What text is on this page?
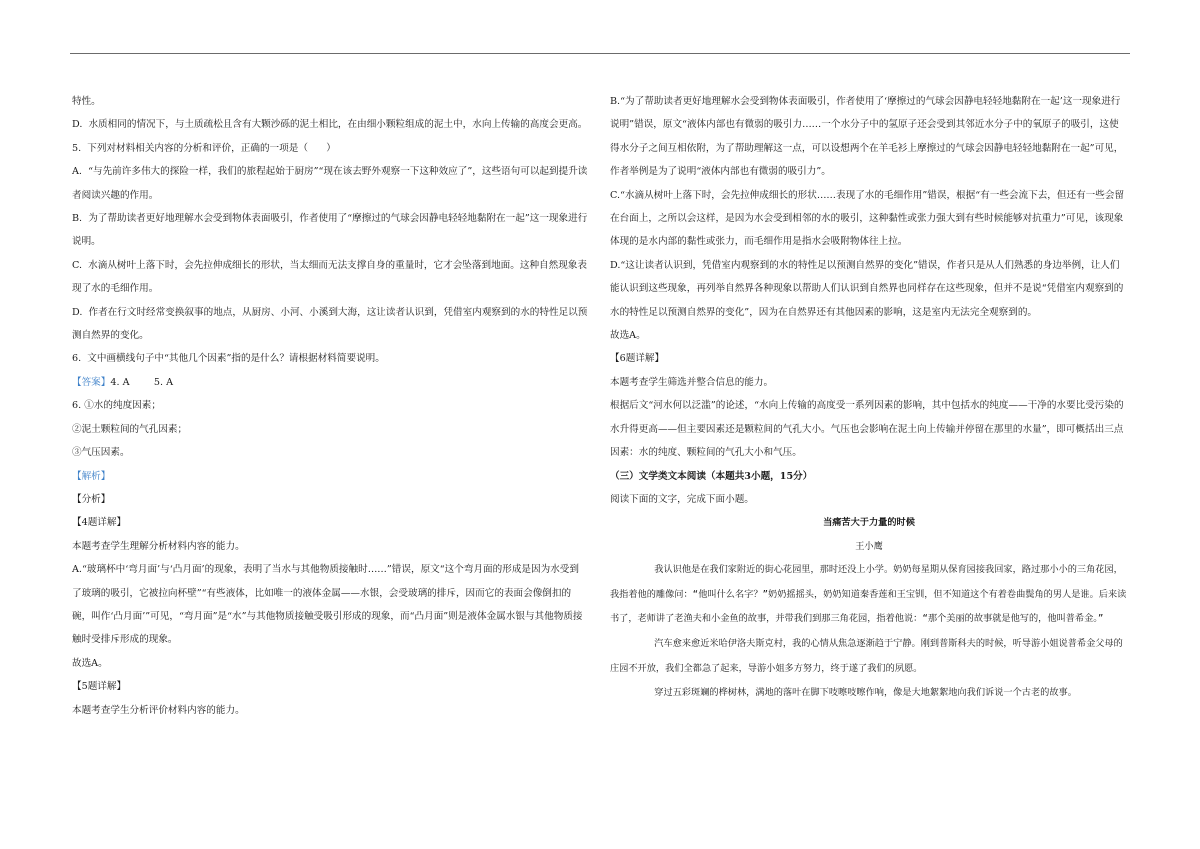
特性。
D.  水质相同的情况下，与土质疏松且含有大颗沙砾的泥土相比，在由细小颗粒组成的泥土中，水向上传输的高度会更高。
5.  下列对材料相关内容的分析和评价，正确的一项是（      ）
A.  “与先前许多伟大的探险一样，我们的旅程起始于厨房”“现在该去野外观察一下这种效应了”，这些语句可以起到提升读者阅读兴趣的作用。
B.  为了帮助读者更好地理解水会受到物体表面吸引，作者使用了“摩擦过的气球会因静电轻轻地黏附在一起”这一现象进行说明。
C.  水滴从树叶上落下时，会先拉伸成细长的形状，当太细而无法支撑自身的重量时，它才会坠落到地面。这种自然现象表现了水的毛细作用。
D.  作者在行文时经常变换叙事的地点，从厨房、小河、小溪到大海，这让读者认识到，凭借室内观察到的水的特性足以预测自然界的变化。
6.  文中画横线句子中“其他几个因素”指的是什么？请根据材料简要说明。
【答案】4. A        5. A
6. ①水的纯度因素；
②泥土颗粒间的气孔因素；
③气压因素。
【解析】
【分析】
【4题详解】
本题考查学生理解分析材料内容的能力。
A.“玻璃杯中‘弯月面’与‘凸月面’的现象，表明了当水与其他物质接触时……”错误，原文“这个弯月面的形成是因为水受到了玻璃的吸引，它被拉向杯壁”“有些液体，比如唯一的液体金属——水银，会受玻璃的排斥，因而它的表面会像倒扣的碗，叫作‘凸月面’”可见，“弯月面”是“水”与其他物质接触受吸引形成的现象，而“凸月面”则是液体金属水银与其他物质接触时受排斥形成的现象。
故选A。
【5题详解】
本题考查学生分析评价材料内容的能力。
B.“为了帮助读者更好地理解水会受到物体表面吸引，作者使用了‘摩擦过的气球会因静电轻轻地黏附在一起’这一现象进行说明”错误，原文“液体内部也有微弱的吸引力……一个水分子中的氢原子还会受到其邻近水分子中的氧原子的吸引，这使得水分子之间互相依附，为了帮助理解这一点，可以设想两个在羊毛衫上摩擦过的气球会因静电轻轻地黏附在一起”可见，作者举例是为了说明“液体内部也有微弱的吸引力”。
C.“水滴从树叶上落下时，会先拉伸成细长的形状……表现了水的毛细作用”错误，根据“有一些会流下去，但还有一些会留在台面上，之所以会这样，是因为水会受到相邻的水的吸引，这种黏性或张力强大到有些时候能够对抗重力”可见，该现象体现的是水内部的黏性或张力，而毛细作用是指水会吸附物体往上拉。
D.“这让读者认识到，凭借室内观察到的水的特性足以预测自然界的变化”错误，作者只是从人们熟悉的身边举例，让人们能认识到这些现象，再列举自然界各种现象以帮助人们认识到自然界也同样存在这些现象，但并不是说“凭借室内观察到的水的特性足以预测自然界的变化”，因为在自然界还有其他因素的影响，这是室内无法完全观察到的。
故选A。
【6题详解】
本题考查学生筛选并整合信息的能力。
根据后文“河水何以泛滥”的论述，“水向上传输的高度受一系列因素的影响，其中包括水的纯度——干净的水要比受污染的水升得更高——但主要因素还是颗粒间的气孔大小。气压也会影响在泥土向上传输并停留在那里的水量”，即可概括出三点因素：水的纯度、颗粒间的气孔大小和气压。
（三）文学类文本阅读（本题共3小题，15分）
阅读下面的文字，完成下面小题。
当痛苦大于力量的时候
王小鹰
我认识他是在我们家附近的街心花园里，那时还没上小学。奶奶每星期从保育园接我回家，路过那小小的三角花园，我指着他的雕像问：“他叫什么名字？”奶奶摇摇头，奶奶知道秦香莲和王宝钏，但不知道这个有着卷曲鬓角的男人是谁。后来读书了，老师讲了老渔夫和小金鱼的故事，并带我们到那三角花园，指着他说：“那个美丽的故事就是他写的，他叫普希金。”
汽车愈来愈近米哈伊洛夫斯克村，我的心情从焦急逐渐趋于宁静。刚到普斯科夫的时候，听导游小姐说普希金父母的庄园不开放，我们全都急了起来，导游小姐多方努力，终于遂了我们的夙愿。
穿过五彩斑斓的桦树林，满地的落叶在脚下吱嚓吱嚓作响，像是大地絮絮地向我们诉说一个古老的故事。
